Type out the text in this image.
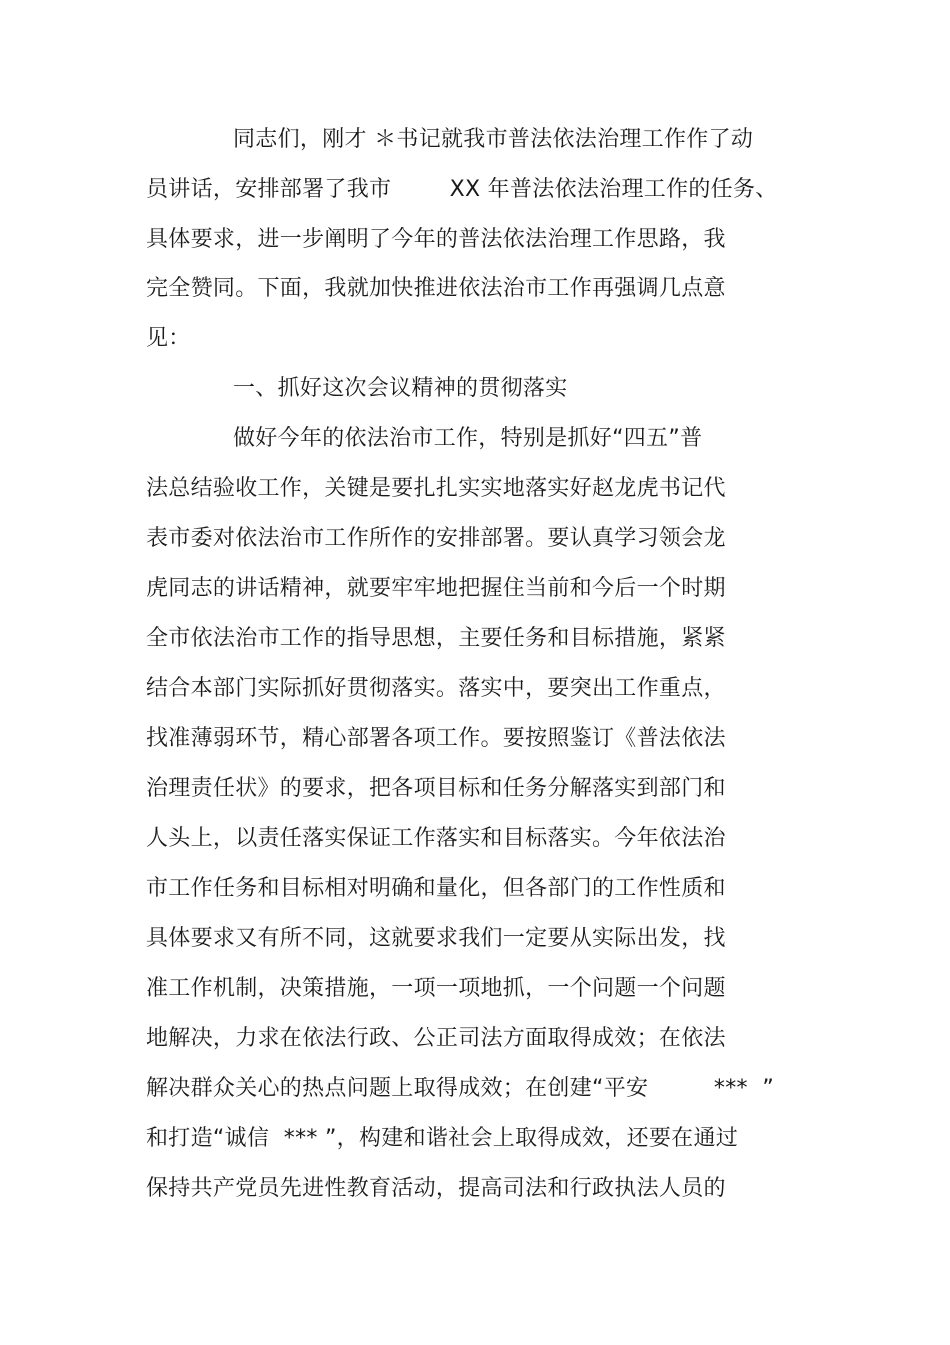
同志们，刚才 ＊书记就我市普法依法治理工作作了动
员讲话，安排部署了我市        XX 年普法依法治理工作的任务、
具体要求，进一步阐明了今年的普法依法治理工作思路，我
完全赞同。下面，我就加快推进依法治市工作再强调几点意
见：
一、抓好这次会议精神的贯彻落实
做好今年的依法治市工作，特别是抓好“四五”普
法总结验收工作，关键是要扎扎实实地落实好赵龙虎书记代
表市委对依法治市工作所作的安排部署。要认真学习领会龙
虎同志的讲话精神，就要牢牢地把握住当前和今后一个时期
全市依法治市工作的指导思想，主要任务和目标措施，紧紧
结合本部门实际抓好贯彻落实。落实中，要突出工作重点，
找准薄弱环节，精心部署各项工作。要按照鉴订《普法依法
治理责任状》的要求，把各项目标和任务分解落实到部门和
人头上，以责任落实保证工作落实和目标落实。今年依法治
市工作任务和目标相对明确和量化，但各部门的工作性质和
具体要求又有所不同，这就要求我们一定要从实际出发，找
准工作机制，决策措施，一项一项地抓，一个问题一个问题
地解决，力求在依法行政、公正司法方面取得成效；在依法
解决群众关心的热点问题上取得成效；在创建“平安         ***  ”
和打造“诚信  *** ”，构建和谐社会上取得成效，还要在通过
保持共产党员先进性教育活动，提高司法和行政执法人员的
